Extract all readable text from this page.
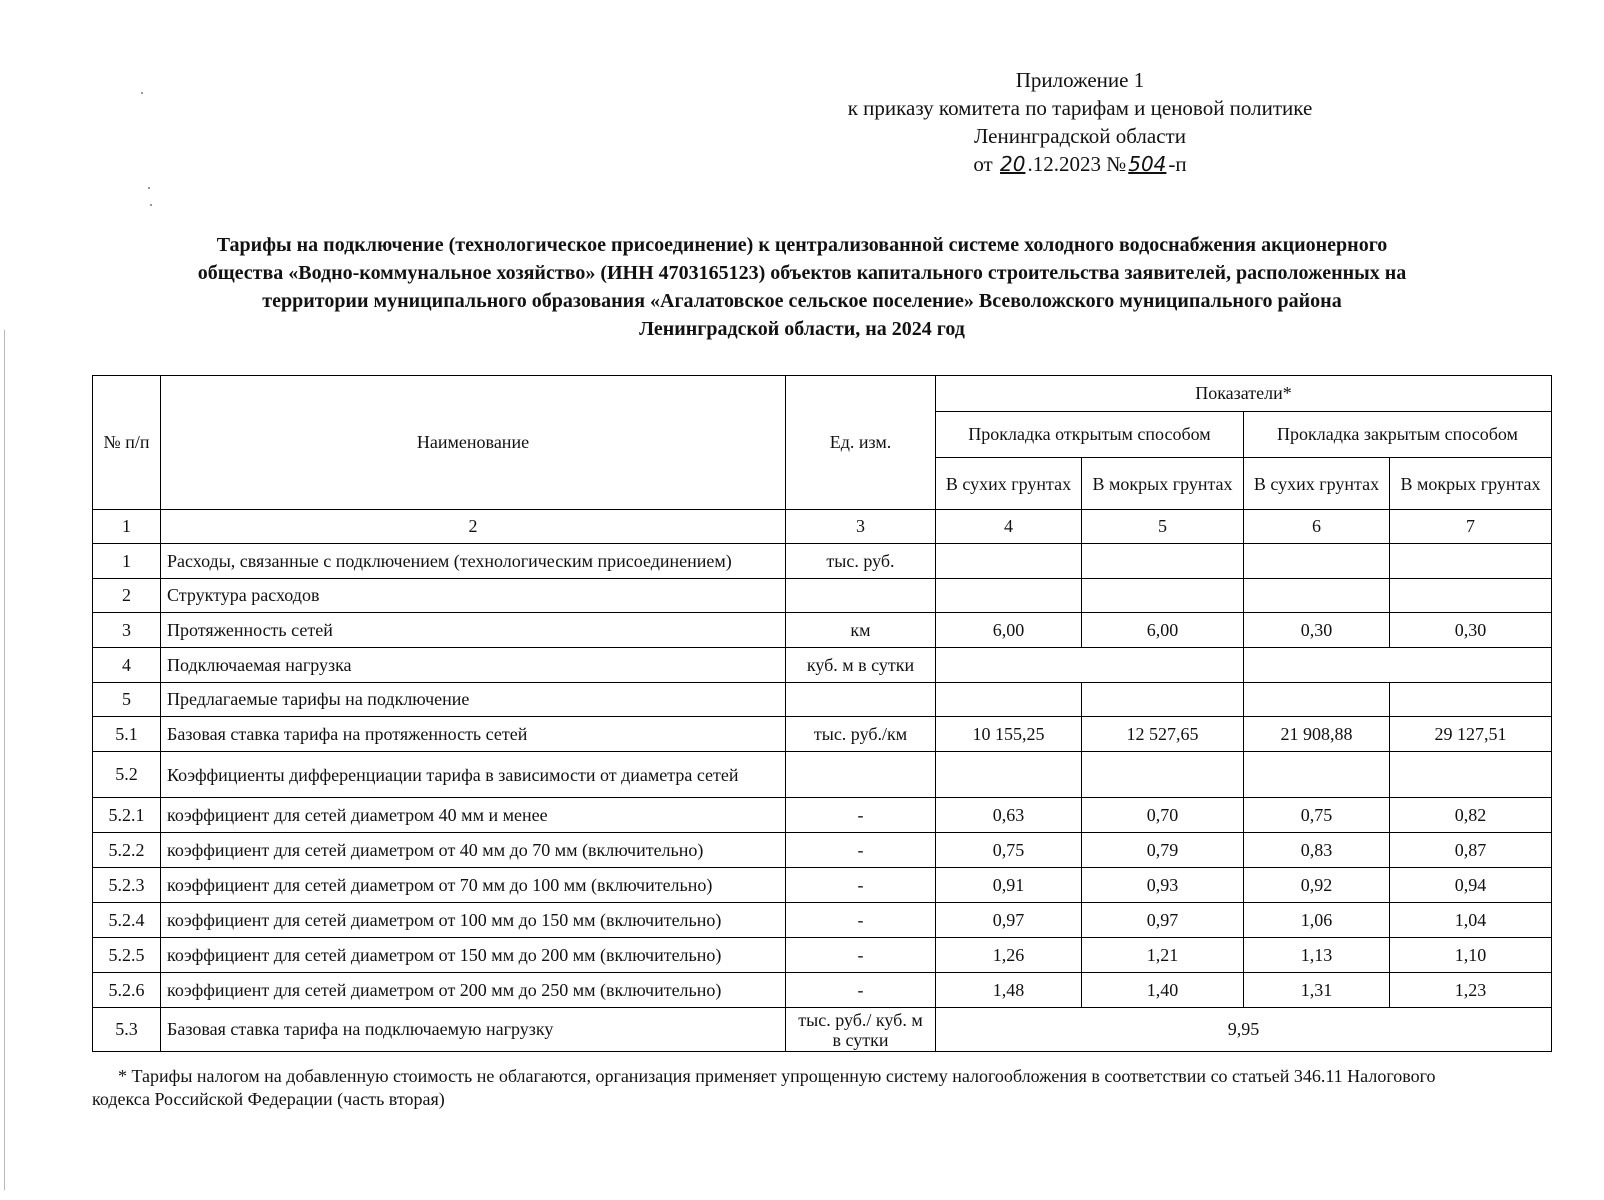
Приложение 1
к приказу комитета по тарифам и ценовой политике
Ленинградской области
от 20.12.2023 № 504-п
Тарифы на подключение (технологическое присоединение) к централизованной системе холодного водоснабжения акционерного
общества «Водно-коммунальное хозяйство» (ИНН 4703165123) объектов капитального строительства заявителей, расположенных на
территории муниципального образования «Агалатовское сельское поселение» Всеволожского муниципального района
Ленинградской области, на 2024 год
№ п/п	Наименование	Ед. изм.	Показатели*			
			Прокладка открытым способом		Прокладка закрытым способом	
			В сухих грунтах	В мокрых грунтах	В сухих грунтах	В мокрых грунтах
1	2	3	4	5	6	7
1	Расходы, связанные с подключением (технологическим присоединением)	тыс. руб.				
2	Структура расходов					
3	Протяженность сетей	км	6,00	6,00	0,30	0,30
4	Подключаемая нагрузка	куб. м в сутки				
5	Предлагаемые тарифы на подключение					
5.1	Базовая ставка тарифа на протяженность сетей	тыс. руб./км	10 155,25	12 527,65	21 908,88	29 127,51
5.2	Коэффициенты дифференциации тарифа в зависимости от диаметра сетей					
5.2.1	коэффициент для сетей диаметром 40 мм и менее	-	0,63	0,70	0,75	0,82
5.2.2	коэффициент для сетей диаметром от 40 мм до 70 мм (включительно)	-	0,75	0,79	0,83	0,87
5.2.3	коэффициент для сетей диаметром от 70 мм до 100 мм (включительно)	-	0,91	0,93	0,92	0,94
5.2.4	коэффициент для сетей диаметром от 100 мм до 150 мм (включительно)	-	0,97	0,97	1,06	1,04
5.2.5	коэффициент для сетей диаметром от 150 мм до 200 мм (включительно)	-	1,26	1,21	1,13	1,10
5.2.6	коэффициент для сетей диаметром от 200 мм до 250 мм (включительно)	-	1,48	1,40	1,31	1,23
5.3	Базовая ставка тарифа на подключаемую нагрузку	тыс. руб./ куб. м в сутки	9,95			
* Тарифы налогом на добавленную стоимость не облагаются, организация применяет упрощенную систему налогообложения в соответствии со статьей 346.11 Налогового
кодекса Российской Федерации (часть вторая)
